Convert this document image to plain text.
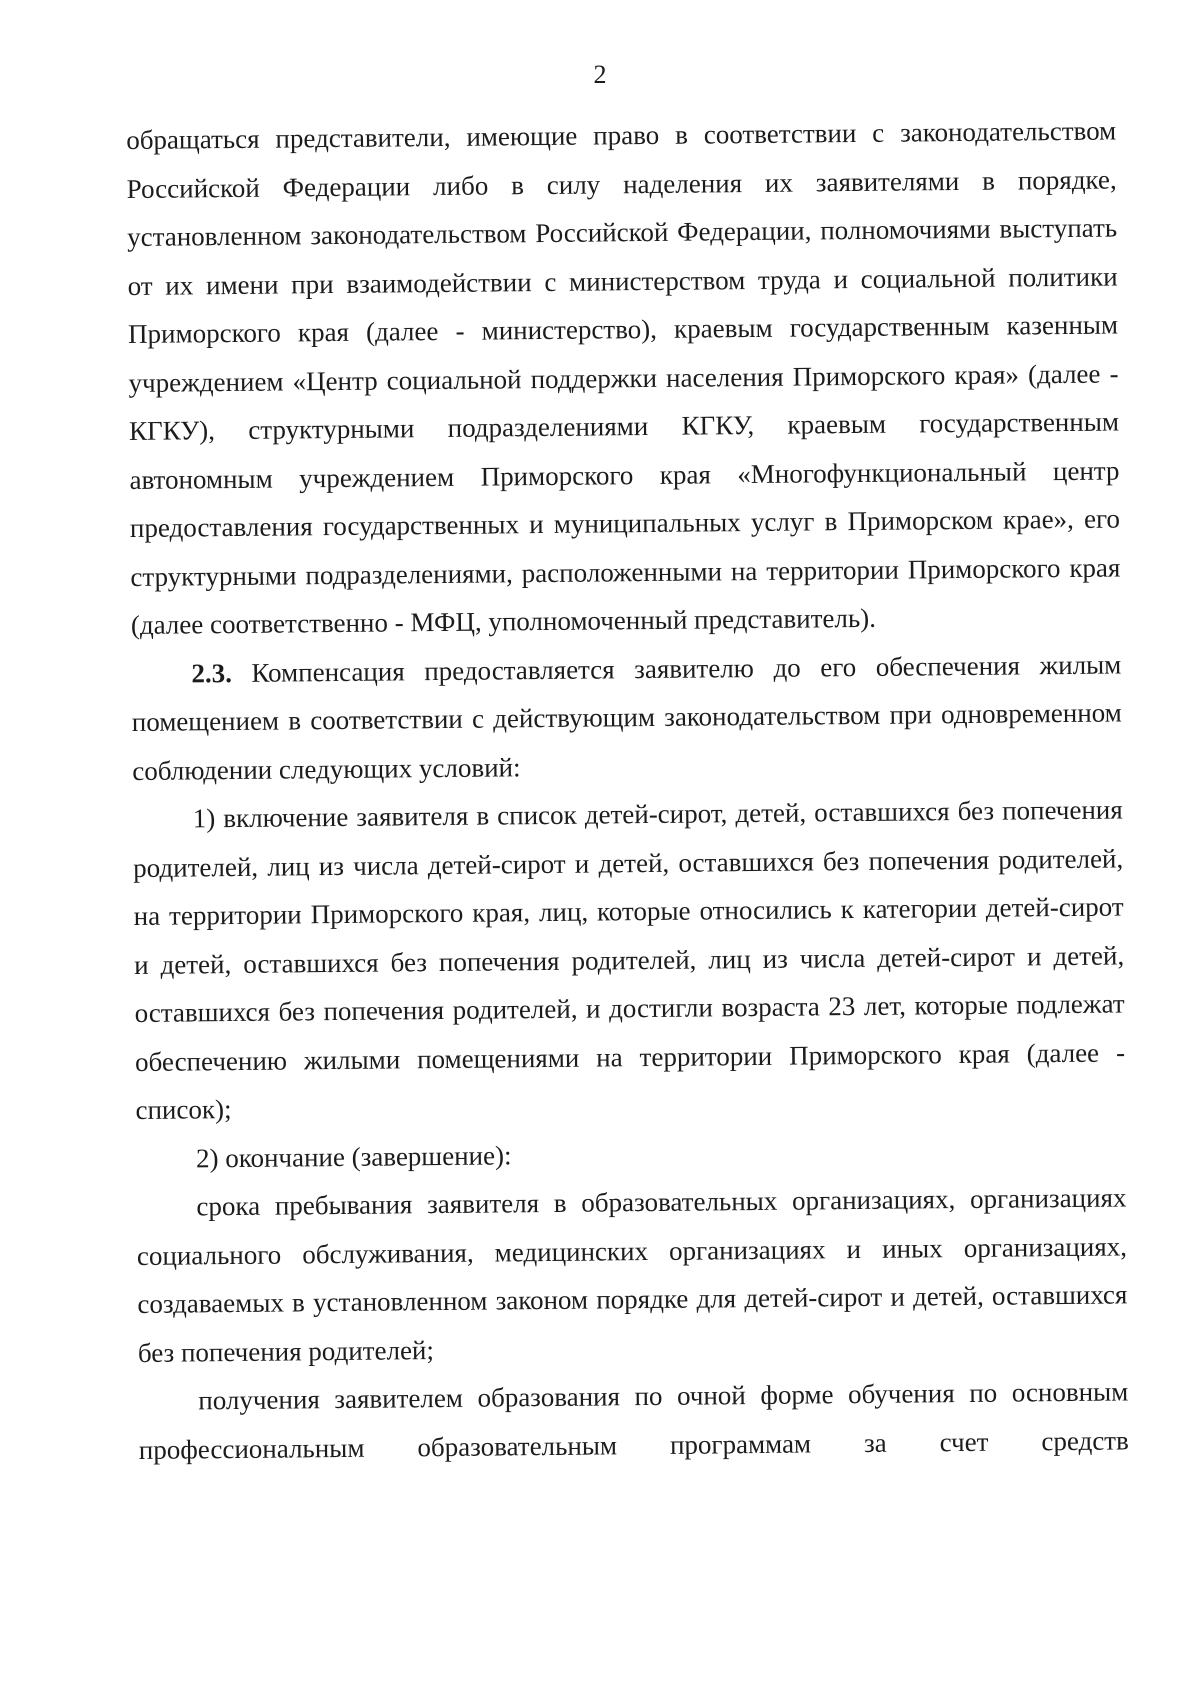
2

обращаться представители, имеющие право в соответствии с законодательством Российской Федерации либо в силу наделения их заявителями в порядке, установленном законодательством Российской Федерации, полномочиями выступать от их имени при взаимодействии с министерством труда и социальной политики Приморского края (далее - министерство), краевым государственным казенным учреждением «Центр социальной поддержки населения Приморского края» (далее - КГКУ), структурными подразделениями КГКУ, краевым государственным автономным учреждением Приморского края «Многофункциональный центр предоставления государственных и муниципальных услуг в Приморском крае», его структурными подразделениями, расположенными на территории Приморского края (далее соответственно - МФЦ, уполномоченный представитель).

2.3. Компенсация предоставляется заявителю до его обеспечения жилым помещением в соответствии с действующим законодательством при одновременном соблюдении следующих условий:

1) включение заявителя в список детей-сирот, детей, оставшихся без попечения родителей, лиц из числа детей-сирот и детей, оставшихся без попечения родителей, на территории Приморского края, лиц, которые относились к категории детей-сирот и детей, оставшихся без попечения родителей, лиц из числа детей-сирот и детей, оставшихся без попечения родителей, и достигли возраста 23 лет, которые подлежат обеспечению жилыми помещениями на территории Приморского края (далее - список);

2) окончание (завершение):

срока пребывания заявителя в образовательных организациях, организациях социального обслуживания, медицинских организациях и иных организациях, создаваемых в установленном законом порядке для детей-сирот и детей, оставшихся без попечения родителей;

получения заявителем образования по очной форме обучения по основным профессиональным образовательным программам за счет средств
